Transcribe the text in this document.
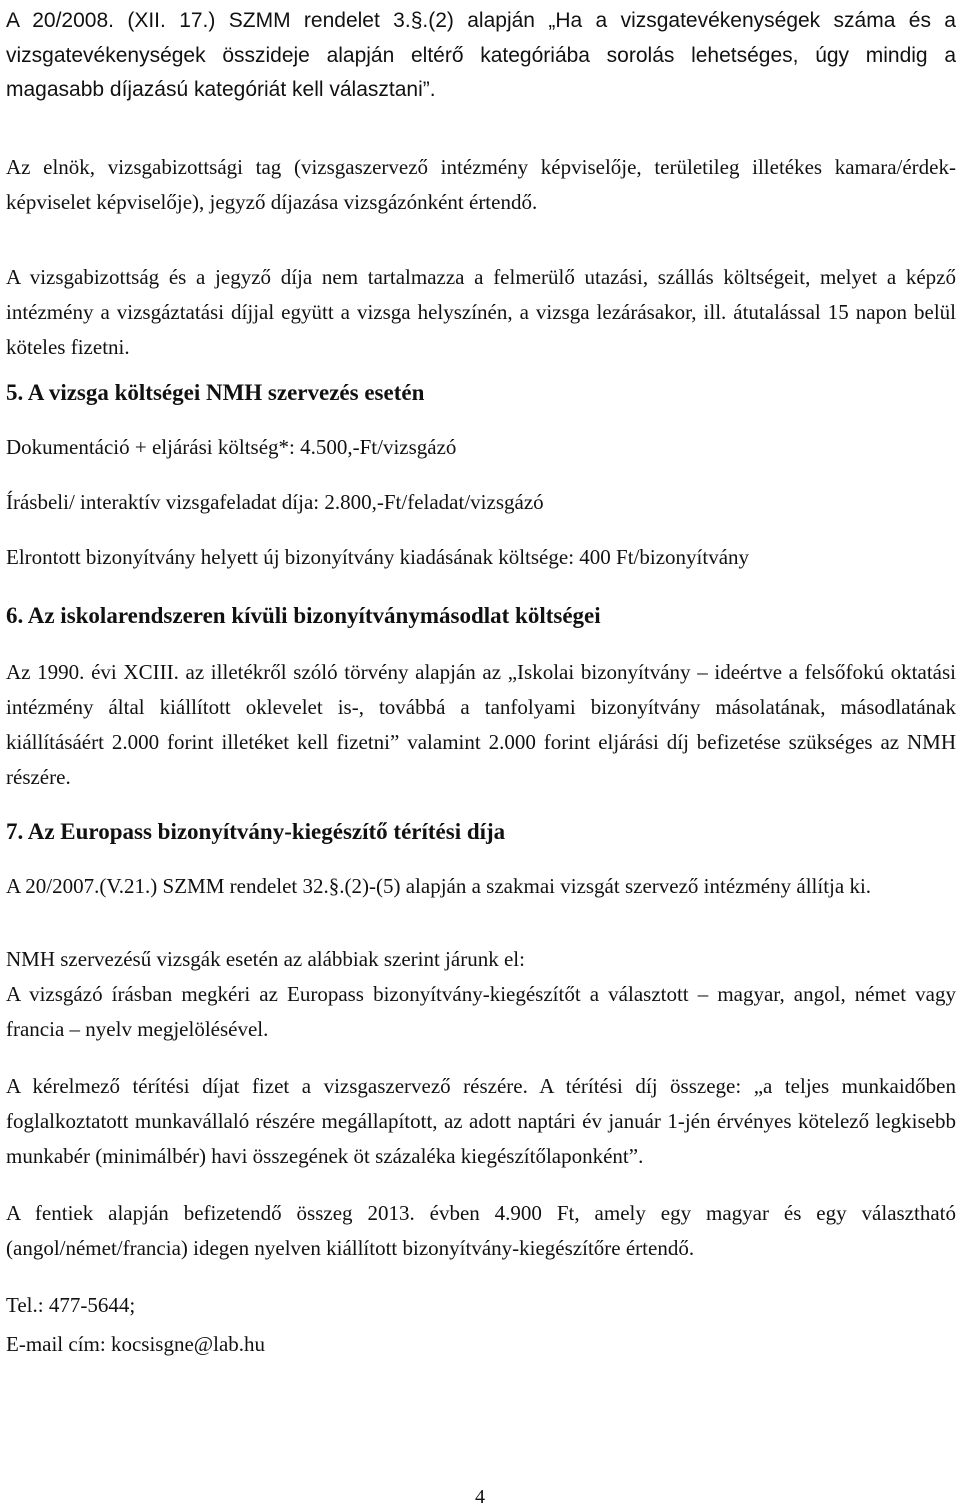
A 20/2008. (XII. 17.) SZMM rendelet 3.§.(2) alapján „Ha a vizsgatevékenységek száma és a vizsgatevékenységek összideje alapján eltérő kategóriába sorolás lehetséges, úgy mindig a magasabb díjazású kategóriát kell választani”.

Az elnök, vizsgabizottsági tag (vizsgaszervező intézmény képviselője, területileg illetékes kamara/érdek-képviselet képviselője), jegyző díjazása vizsgázónként értendő.

A vizsgabizottság és a jegyző díja nem tartalmazza a felmerülő utazási, szállás költségeit, melyet a képző intézmény a vizsgáztatási díjjal együtt a vizsga helyszínén, a vizsga lezárásakor, ill. átutalással 15 napon belül köteles fizetni.

5. A vizsga költségei NMH szervezés esetén

Dokumentáció + eljárási költség*: 4.500,-Ft/vizsgázó

Írásbeli/ interaktív vizsgafeladat díja: 2.800,-Ft/feladat/vizsgázó

Elrontott bizonyítvány helyett új bizonyítvány kiadásának költsége: 400 Ft/bizonyítvány

6. Az iskolarendszeren kívüli bizonyítványmásodlat költségei

Az 1990. évi XCIII. az illetékről szóló törvény alapján az „Iskolai bizonyítvány – ideértve a felsőfokú oktatási intézmény által kiállított oklevelet is-, továbbá a tanfolyami bizonyítvány másolatának, másodlatának kiállításáért 2.000 forint illetéket kell fizetni” valamint 2.000 forint eljárási díj befizetése szükséges az NMH részére.

7. Az Europass bizonyítvány-kiegészítő térítési díja

A 20/2007.(V.21.) SZMM rendelet 32.§.(2)-(5) alapján a szakmai vizsgát szervező intézmény állítja ki.

NMH szervezésű vizsgák esetén az alábbiak szerint járunk el:

A vizsgázó írásban megkéri az Europass bizonyítvány-kiegészítőt a választott – magyar, angol, német vagy francia – nyelv megjelölésével.

A kérelmező térítési díjat fizet a vizsgaszervező részére. A térítési díj összege: „a teljes munkaidőben foglalkoztatott munkavállaló részére megállapított, az adott naptári év január 1-jén érvényes kötelező legkisebb munkabér (minimálbér) havi összegének öt százaléka kiegészítőlaponként”.

A fentiek alapján befizetendő összeg 2013. évben 4.900 Ft, amely egy magyar és egy választható (angol/német/francia) idegen nyelven kiállított bizonyítvány-kiegészítőre értendő.

Tel.: 477-5644;

E-mail cím: kocsisgne@lab.hu

4
